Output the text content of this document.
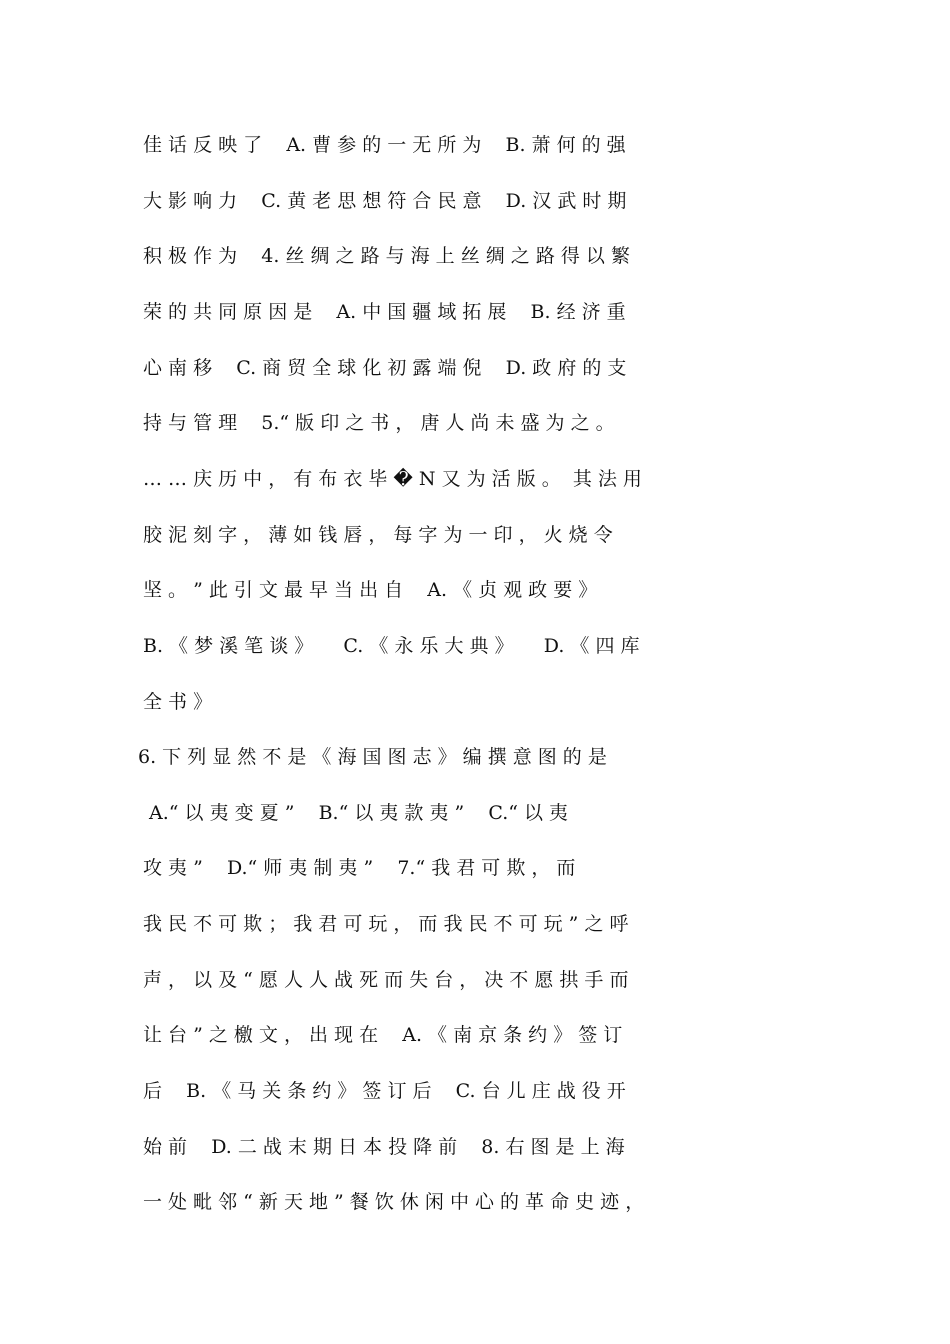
佳 话 反 映 了    A. 曹 参 的 一 无 所 为    B. 萧 何 的 强
大 影 响 力    C. 黄 老 思 想 符 合 民 意    D. 汉 武 时 期
积 极 作 为    4. 丝 绸 之 路 与 海 上 丝 绸 之 路 得 以 繁
荣 的 共 同 原 因 是    A. 中 国 疆 域 拓 展    B. 经 济 重
心 南 移    C. 商 贸 全 球 化 初 露 端 倪    D. 政 府 的 支
持 与 管 理    5.“ 版 印 之 书 ， 唐 人 尚 未 盛 为 之 。
… … 庆 历 中 ， 有 布 衣 毕 � N 又 为 活 版 。  其 法 用
胶 泥 刻 字 ， 薄 如 钱 唇 ， 每 字 为 一 印 ， 火 烧 令
坚 。 ” 此 引 文 最 早 当 出 自    A. 《 贞 观 政 要 》
B. 《 梦 溪 笔 谈 》     C. 《 永 乐 大 典 》     D. 《 四 库
全 书 》
6. 下 列 显 然 不 是 《 海 国 图 志 》 编 撰 意 图 的 是
A.“ 以 夷 变 夏 ”    B.“ 以 夷 款 夷 ”    C.“ 以 夷
攻 夷 ”    D.“ 师 夷 制 夷 ”    7.“ 我 君 可 欺 ， 而
我 民 不 可 欺 ； 我 君 可 玩 ， 而 我 民 不 可 玩 ” 之 呼
声 ， 以 及 “ 愿 人 人 战 死 而 失 台 ， 决 不 愿 拱 手 而
让 台 ” 之 檄 文 ， 出 现 在    A. 《 南 京 条 约 》 签 订
后    B. 《 马 关 条 约 》 签 订 后    C. 台 儿 庄 战 役 开
始 前    D. 二 战 末 期 日 本 投 降 前    8. 右 图 是 上 海
一 处 毗 邻 “ 新 天 地 ” 餐 饮 休 闲 中 心 的 革 命 史 迹 ，
